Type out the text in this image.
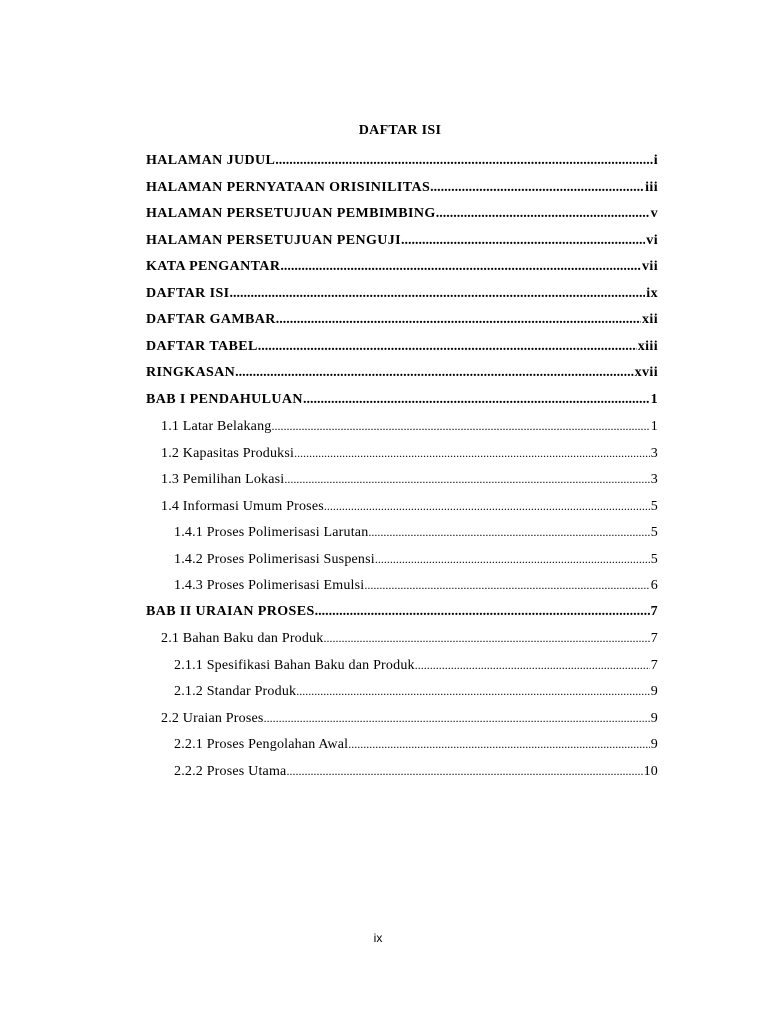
DAFTAR ISI
HALAMAN JUDUL .....	i
HALAMAN PERNYATAAN ORISINILITAS .....	iii
HALAMAN PERSETUJUAN PEMBIMBING .....	v
HALAMAN PERSETUJUAN PENGUJI .....	vi
KATA PENGANTAR .....	vii
DAFTAR ISI .....	ix
DAFTAR GAMBAR .....	xii
DAFTAR TABEL .....	xiii
RINGKASAN .....	xvii
BAB I PENDAHULUAN .....	1
1.1 Latar Belakang .....	1
1.2 Kapasitas Produksi .....	3
1.3 Pemilihan Lokasi .....	3
1.4 Informasi Umum Proses .....	5
1.4.1 Proses Polimerisasi Larutan .....	5
1.4.2 Proses Polimerisasi Suspensi .....	5
1.4.3 Proses Polimerisasi Emulsi .....	6
BAB II URAIAN PROSES .....	7
2.1 Bahan Baku dan Produk .....	7
2.1.1 Spesifikasi Bahan Baku dan Produk .....	7
2.1.2 Standar Produk .....	9
2.2 Uraian Proses .....	9
2.2.1 Proses Pengolahan Awal .....	9
2.2.2 Proses Utama .....	10
ix
